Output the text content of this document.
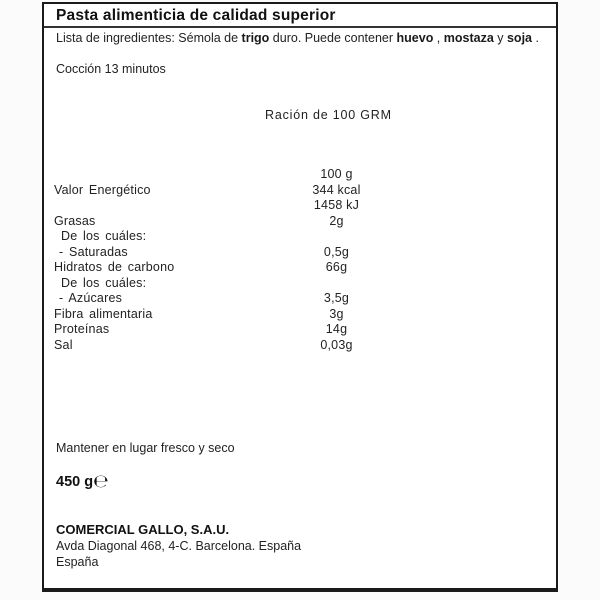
Pasta alimenticia de calidad superior
Lista de ingredientes: Sémola de trigo duro. Puede contener huevo , mostaza y soja .
Cocción 13 minutos
Ración de 100 GRM
100 g
Valor Energético	344 kcal
1458 kJ
Grasas	2g
De los cuáles:
- Saturadas	0,5g
Hidratos de carbono	66g
De los cuáles:
- Azúcares	3,5g
Fibra alimentaria	3g
Proteínas	14g
Sal	0,03g
Mantener en lugar fresco y seco
450 g℮
COMERCIAL GALLO, S.A.U.
Avda Diagonal 468, 4-C. Barcelona. España
España
